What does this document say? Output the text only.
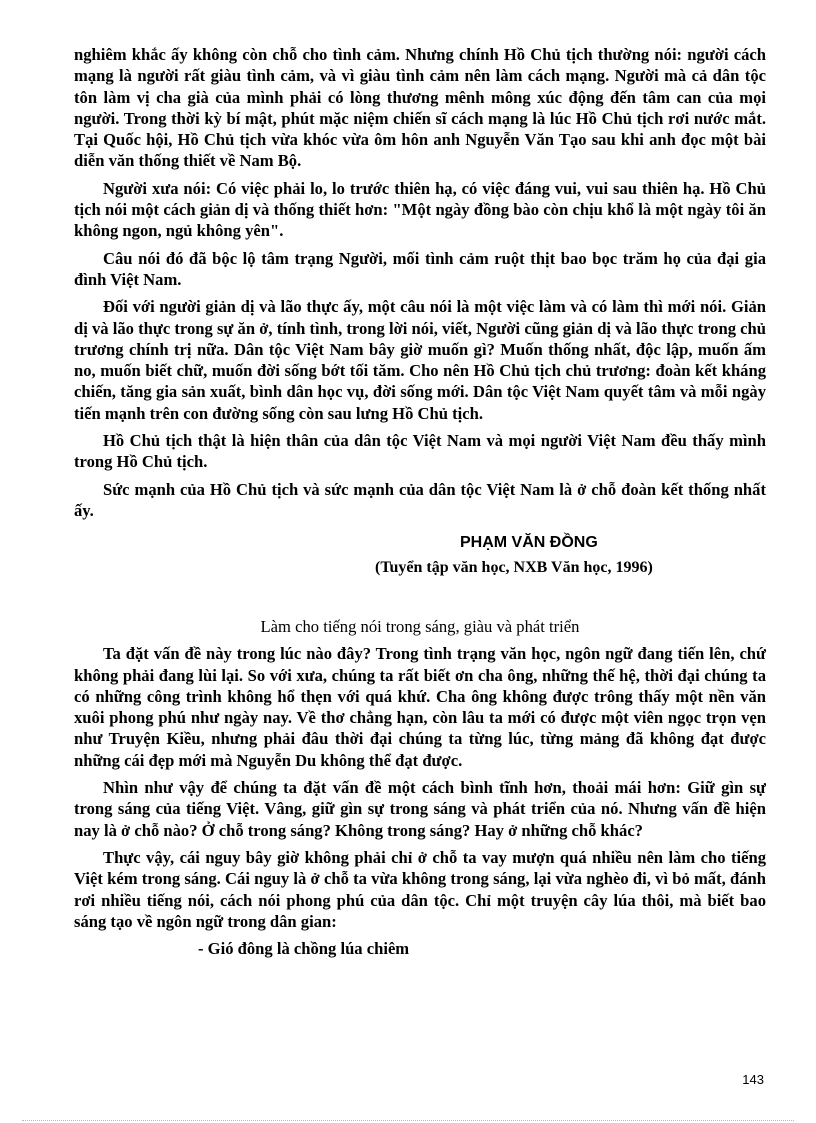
nghiêm khắc ấy không còn chỗ cho tình cảm. Nhưng chính Hồ Chủ tịch thường nói: người cách mạng là người rất giàu tình cảm, và vì giàu tình cảm nên làm cách mạng. Người mà cả dân tộc tôn làm vị cha già của mình phải có lòng thương mênh mông xúc động đến tâm can của mọi người. Trong thời kỳ bí mật, phút mặc niệm chiến sĩ cách mạng là lúc Hồ Chủ tịch rơi nước mắt. Tại Quốc hội, Hồ Chủ tịch vừa khóc vừa ôm hôn anh Nguyễn Văn Tạo sau khi anh đọc một bài diễn văn thống thiết về Nam Bộ.

Người xưa nói: Có việc phải lo, lo trước thiên hạ, có việc đáng vui, vui sau thiên hạ. Hồ Chủ tịch nói một cách giản dị và thống thiết hơn: "Một ngày đồng bào còn chịu khổ là một ngày tôi ăn không ngon, ngủ không yên".

Câu nói đó đã bộc lộ tâm trạng Người, mối tình cảm ruột thịt bao bọc trăm họ của đại gia đình Việt Nam.

Đối với người giản dị và lão thực ấy, một câu nói là một việc làm và có làm thì mới nói. Giản dị và lão thực trong sự ăn ở, tính tình, trong lời nói, viết, Người cũng giản dị và lão thực trong chủ trương chính trị nữa. Dân tộc Việt Nam bây giờ muốn gì? Muốn thống nhất, độc lập, muốn ấm no, muốn biết chữ, muốn đời sống bớt tối tăm. Cho nên Hồ Chủ tịch chủ trương: đoàn kết kháng chiến, tăng gia sản xuất, bình dân học vụ, đời sống mới. Dân tộc Việt Nam quyết tâm và mỗi ngày tiến mạnh trên con đường sống còn sau lưng Hồ Chủ tịch.

Hồ Chủ tịch thật là hiện thân của dân tộc Việt Nam và mọi người Việt Nam đều thấy mình trong Hồ Chủ tịch.

Sức mạnh của Hồ Chủ tịch và sức mạnh của dân tộc Việt Nam là ở chỗ đoàn kết thống nhất ấy.

PHẠM VĂN ĐỒNG
(Tuyển tập văn học, NXB Văn học, 1996)
Làm cho tiếng nói trong sáng, giàu và phát triển

Ta đặt vấn đề này trong lúc nào đây? Trong tình trạng văn học, ngôn ngữ đang tiến lên, chứ không phải đang lùi lại. So với xưa, chúng ta rất biết ơn cha ông, những thế hệ, thời đại chúng ta có những công trình không hổ thẹn với quá khứ. Cha ông không được trông thấy một nền văn xuôi phong phú như ngày nay. Về thơ chẳng hạn, còn lâu ta mới có được một viên ngọc trọn vẹn như Truyện Kiều, nhưng phải đâu thời đại chúng ta từng lúc, từng mảng đã không đạt được những cái đẹp mới mà Nguyễn Du không thể đạt được.

Nhìn như vậy để chúng ta đặt vấn đề một cách bình tĩnh hơn, thoải mái hơn: Giữ gìn sự trong sáng của tiếng Việt. Vâng, giữ gìn sự trong sáng và phát triển của nó. Nhưng vấn đề hiện nay là ở chỗ nào? Ở chỗ trong sáng? Không trong sáng? Hay ở những chỗ khác?

Thực vậy, cái nguy bây giờ không phải chỉ ở chỗ ta vay mượn quá nhiều nên làm cho tiếng Việt kém trong sáng. Cái nguy là ở chỗ ta vừa không trong sáng, lại vừa nghèo đi, vì bỏ mất, đánh rơi nhiều tiếng nói, cách nói phong phú của dân tộc. Chỉ một truyện cây lúa thôi, mà biết bao sáng tạo về ngôn ngữ trong dân gian:

- Gió đông là chồng lúa chiêm
143
